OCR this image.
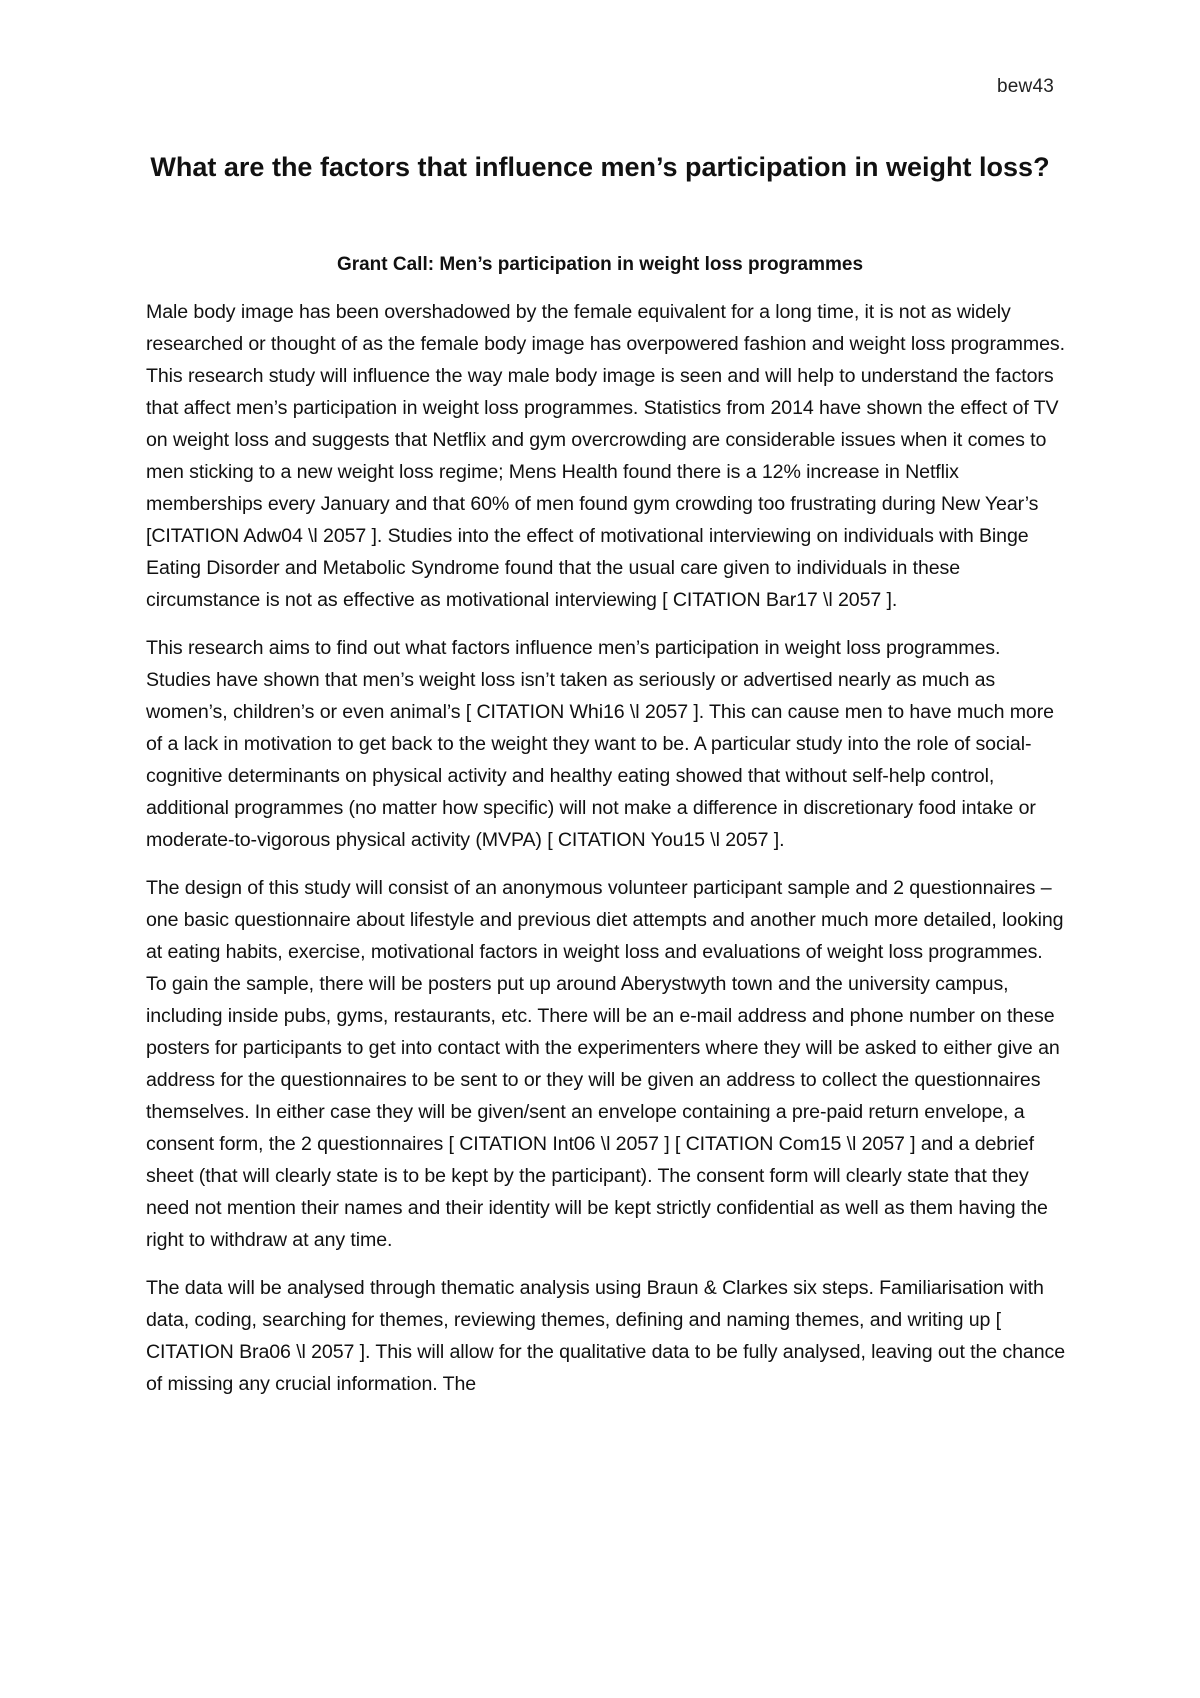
bew43
What are the factors that influence men’s participation in weight loss?
Grant Call: Men’s participation in weight loss programmes

Male body image has been overshadowed by the female equivalent for a long time, it is not as widely researched or thought of as the female body image has overpowered fashion and weight loss programmes. This research study will influence the way male body image is seen and will help to understand the factors that affect men’s participation in weight loss programmes. Statistics from 2014 have shown the effect of TV on weight loss and suggests that Netflix and gym overcrowding are considerable issues when it comes to men sticking to a new weight loss regime; Mens Health found there is a 12% increase in Netflix memberships every January and that 60% of men found gym crowding too frustrating during New Year’s [CITATION Adw04 \l 2057 ]. Studies into the effect of motivational interviewing on individuals with Binge Eating Disorder and Metabolic Syndrome found that the usual care given to individuals in these circumstance is not as effective as motivational interviewing [ CITATION Bar17 \l 2057 ].

This research aims to find out what factors influence men’s participation in weight loss programmes. Studies have shown that men’s weight loss isn’t taken as seriously or advertised nearly as much as women’s, children’s or even animal’s [ CITATION Whi16 \l 2057 ]. This can cause men to have much more of a lack in motivation to get back to the weight they want to be. A particular study into the role of social-cognitive determinants on physical activity and healthy eating showed that without self-help control, additional programmes (no matter how specific) will not make a difference in discretionary food intake or moderate-to-vigorous physical activity (MVPA) [ CITATION You15 \l 2057 ].

The design of this study will consist of an anonymous volunteer participant sample and 2 questionnaires – one basic questionnaire about lifestyle and previous diet attempts and another much more detailed, looking at eating habits, exercise, motivational factors in weight loss and evaluations of weight loss programmes. To gain the sample, there will be posters put up around Aberystwyth town and the university campus, including inside pubs, gyms, restaurants, etc. There will be an e-mail address and phone number on these posters for participants to get into contact with the experimenters where they will be asked to either give an address for the questionnaires to be sent to or they will be given an address to collect the questionnaires themselves. In either case they will be given/sent an envelope containing a pre-paid return envelope, a consent form, the 2 questionnaires [ CITATION Int06 \l 2057 ] [ CITATION Com15 \l 2057 ] and a debrief sheet (that will clearly state is to be kept by the participant). The consent form will clearly state that they need not mention their names and their identity will be kept strictly confidential as well as them having the right to withdraw at any time.

The data will be analysed through thematic analysis using Braun & Clarkes six steps. Familiarisation with data, coding, searching for themes, reviewing themes, defining and naming themes, and writing up [ CITATION Bra06 \l 2057 ]. This will allow for the qualitative data to be fully analysed, leaving out the chance of missing any crucial information. The
